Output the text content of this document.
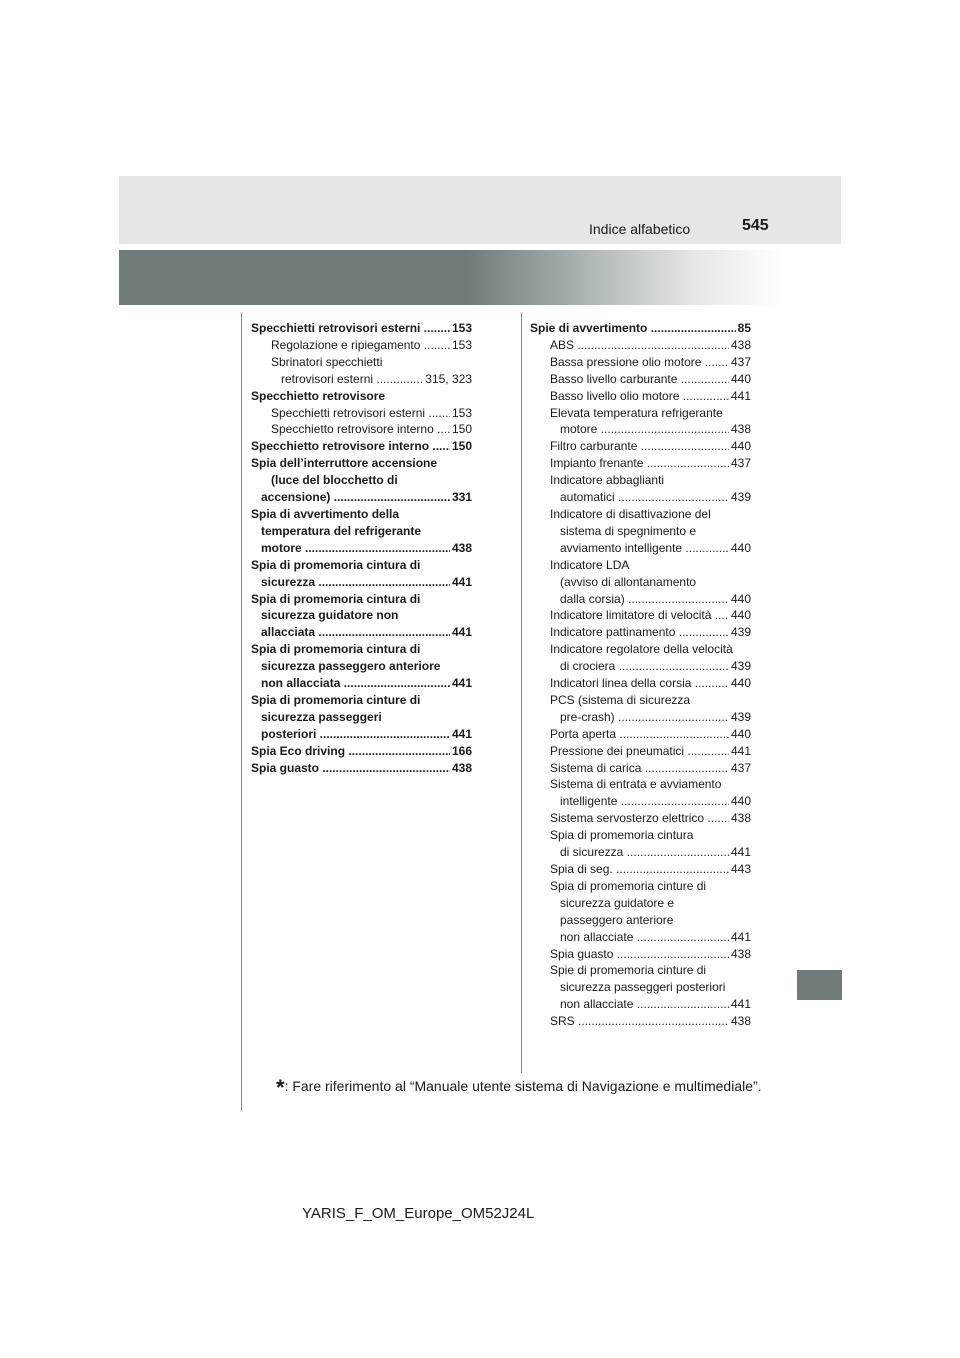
Indice alfabetico	545
Specchietti retrovisori esterni	153
.....
Regolazione e ripiegamento	153
.....
Sbrinatori specchietti
retrovisori esterni	315, 323
.....
Specchietto retrovisore
Specchietti retrovisori esterni 153
.....
Specchietto retrovisore interno 150
.....
Specchietto retrovisore interno 150
.....
Spia dell’interruttore accensione
(luce del blocchetto di
accensione)	331
.....
Spia di avvertimento della
temperatura del refrigerante
motore	438
.....
Spia di promemoria cintura di
sicurezza	441
.....
Spia di promemoria cintura di
sicurezza guidatore non
allacciata	441
.....
Spia di promemoria cintura di
sicurezza passeggero anteriore
non allacciata	441
.....
Spia di promemoria cinture di
sicurezza passeggeri
posteriori	441
.....
Spia Eco driving	166
.....
Spia guasto	438
.....
Spie di avvertimento	85
.....
ABS	438
.....
Bassa pressione olio motore 437
.....
Basso livello carburante	440
.....
Basso livello olio motore	441
.....
Elevata temperatura refrigerante
motore	438
.....
Filtro carburante	440
.....
Impianto frenante	437
.....
Indicatore abbaglianti
automatici	439
.....
Indicatore di disattivazione del
sistema di spegnimento e
avviamento intelligente	440
.....
Indicatore LDA
(avviso di allontanamento
dalla corsia)	440
.....
Indicatore limitatore di velocità 440
.....
Indicatore pattinamento	439
.....
Indicatore regolatore della velocità
di crociera	439
.....
Indicatori linea della corsia	440
.....
PCS (sistema di sicurezza
pre-crash)	439
.....
Porta aperta	440
.....
Pressione dei pneumatici	441
.....
Sistema di carica	437
.....
Sistema di entrata e avviamento
intelligente	440
.....
Sistema servosterzo elettrico 438
.....
Spia di promemoria cintura
di sicurezza	441
.....
Spia di seg.	443
.....
Spia di promemoria cinture di
sicurezza guidatore e
passeggero anteriore
non allacciate	441
.....
Spia guasto	438
.....
Spie di promemoria cinture di
sicurezza passeggeri posteriori
non allacciate	441
.....
SRS	438
.....
*: Fare riferimento al “Manuale utente sistema di Navigazione e multimediale”.
YARIS_F_OM_Europe_OM52J24L
